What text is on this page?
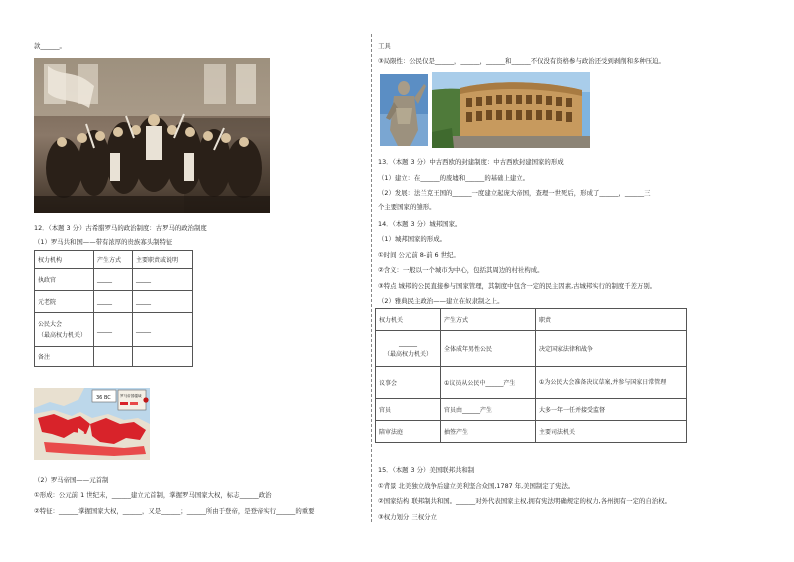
款______。
12．（本题 3 分）古希腊罗马的政治制度：古罗马的政治制度
（1）罗马共和国——带有浓厚的贵族寡头制特征
权力机构	产生方式	主要职责或说明
执政官	_____	_____
元老院	_____	_____
公民大会
（最高权力机关）	_____	_____
备注		
36 BC	罗马帝国疆域
（2）罗马帝国——元首制
①形成：公元前 1 世纪末，______建立元首制，掌握罗马国家大权，标志______政治
②特征：______掌握国家大权，______，又是______；______所由于登帝，是登帝实行______的重要
工具
③局限性：公民仅是______，______，______和______不仅没有资格参与政治还受到剥削和多种压迫。
13．（本题 3 分）中古西欧的封建制度：中古西欧封建国家的形成
（1）建立：在______的废墟和______的基础上建立。
（2）发展：法兰克王国的______一度建立起庞大帝国，查理一世死后，形成了______，______三
个主要国家的雏形。
14．（本题 3 分）城邦国家。
（1）城邦国家的形成。
①时间 公元前 8-前 6 世纪。
②含义：一般以一个城市为中心，包括其周边的村社构成。
③特点 城邦的公民直接参与国家管理，其制度中包含一定的民主因素,古城邦实行的制度千差万别。
（2）雅典民主政治——建立在奴隶制之上。
权力机关	产生方式	职责
______
（最高权力机关）	全体成年男性公民	决定国家法律和战争
议事会	①议员从公民中______产生	①为公民大会准备决议草案,并参与国家日常管理
官员	官员由______产生	大多一年一任并接受监督
陪审法庭	抽签产生	主要司法机关
15．（本题 3 分）美国联邦共和制
①背景 北美独立战争后建立美利坚合众国,1787 年,美国制定了宪法。
②国家结构 联邦制共和国。______对外代表国家主权,拥有宪法明确规定的权力,各州拥有一定的自治权。
③权力划分 三权分立
